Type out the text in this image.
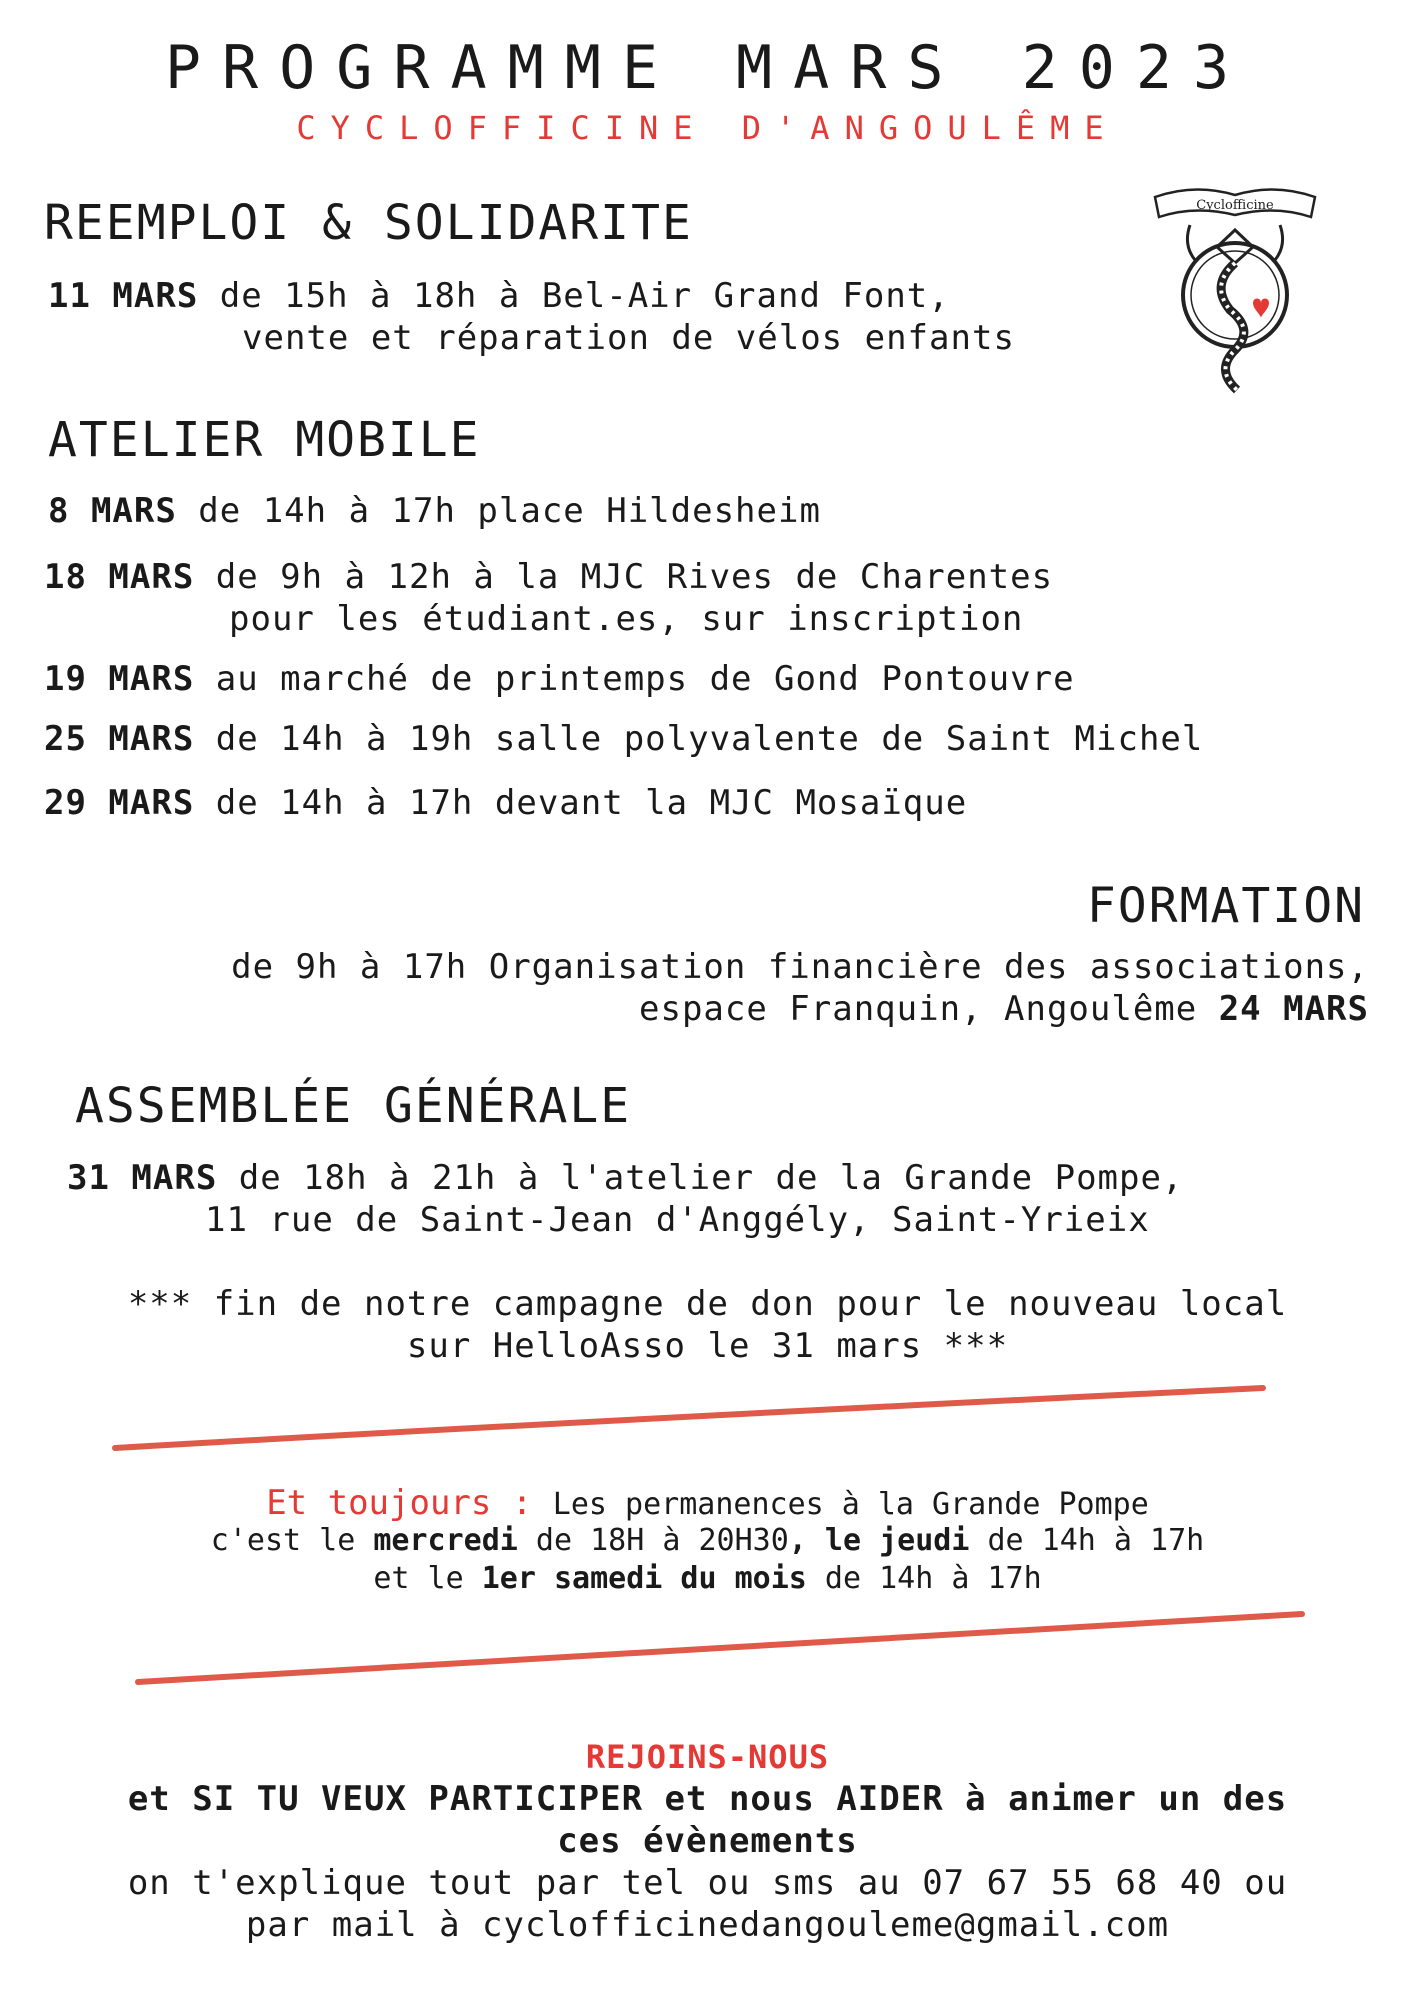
PROGRAMME MARS 2023
CYCLOFFICINE D'ANGOULÊME
Cyclofficine
REEMPLOI & SOLIDARITE
11 MARS de 15h à 18h à Bel-Air Grand Font,
vente et réparation de vélos enfants
ATELIER MOBILE
8 MARS de 14h à 17h place Hildesheim
18 MARS de 9h à 12h à la MJC Rives de Charentes
pour les étudiant.es, sur inscription
19 MARS au marché de printemps de Gond Pontouvre
25 MARS de 14h à 19h salle polyvalente de Saint Michel
29 MARS de 14h à 17h devant la MJC Mosaïque
FORMATION
de 9h à 17h Organisation financière des associations,
espace Franquin, Angoulême 24 MARS
ASSEMBLÉE GÉNÉRALE
31 MARS de 18h à 21h à l'atelier de la Grande Pompe,
11 rue de Saint-Jean d'Anggély, Saint-Yrieix
*** fin de notre campagne de don pour le nouveau local
sur HelloAsso le 31 mars ***
Et toujours : Les permanences à la Grande Pompe
c'est le mercredi de 18H à 20H30, le jeudi de 14h à 17h
et le 1er samedi du mois de 14h à 17h
REJOINS-NOUS
et SI TU VEUX PARTICIPER et nous AIDER à animer un des
ces évènements
on t'explique tout par tel ou sms au 07 67 55 68 40 ou
par mail à cyclofficinedangouleme@gmail.com
